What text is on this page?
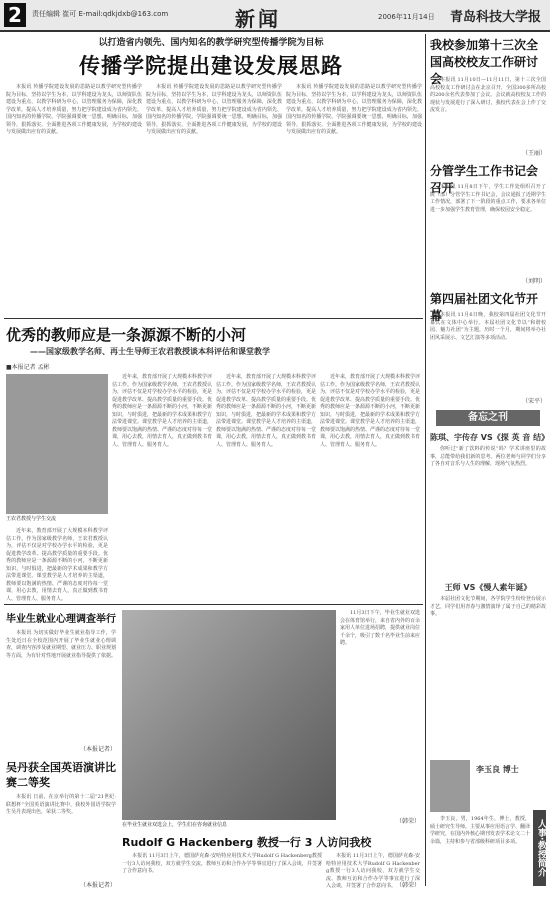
2	责任编辑 崔可 E-mail:qdkjdxb@163.com	新闻	2006年11月14日 青岛科技大学报
以打造省内领先、国内知名的教学研究型传播学院为目标
传播学院提出建设发展思路
本报讯 传播学院建设发展的思路是以教学研究型传播学院为目标，坚持以学生为本，以学科建设为龙头，以师资队伍建设为重点，以教学科研为中心，以管理服务为保障，深化教学改革，提高人才培养质量，努力把学院建设成为省内领先、国内知名的传播学院。学院强调要统一思想，明确目标，加强领导，狠抓落实，全面推进各项工作健康发展，为学校的建设与发展做出应有的贡献。
本报讯 传播学院建设发展的思路是以教学研究型传播学院为目标，坚持以学生为本，以学科建设为龙头，以师资队伍建设为重点，以教学科研为中心，以管理服务为保障，深化教学改革，提高人才培养质量，努力把学院建设成为省内领先、国内知名的传播学院。学院强调要统一思想，明确目标，加强领导，狠抓落实，全面推进各项工作健康发展，为学校的建设与发展做出应有的贡献。
本报讯 传播学院建设发展的思路是以教学研究型传播学院为目标，坚持以学生为本，以学科建设为龙头，以师资队伍建设为重点，以教学科研为中心，以管理服务为保障，深化教学改革，提高人才培养质量，努力把学院建设成为省内领先、国内知名的传播学院。学院强调要统一思想，明确目标，加强领导，狠抓落实，全面推进各项工作健康发展，为学校的建设与发展做出应有的贡献。
我校参加第十三次全国高校校友工作研讨会
本报讯 11月10日—11月11日，第十三次全国高校校友工作研讨会在北京召开，全国300多所高校的200余名代表参加了会议。会议就高校校友工作的现状与发展进行了深入研讨，我校代表在会上作了交流发言。
（王丽）
分管学生工作书记会召开
本报讯 11月8日下午，学生工作处组织召开了院（部）分管学生工作书记会，会议通报了近期学生工作情况，部署了下一阶段的重点工作，要求各单位进一步加强学生教育管理，确保校园安全稳定。
（刘明）
第四届社团文化节开幕
本报讯 11月6日晚，我校第四届社团文化节开幕式在文体中心举行。本届社团文化节以“和谐校园、魅力社团”为主题，历时一个月，期间将举办社团风采展示、文艺汇演等多项活动。
（宋平）
备忘之刊
陈琪、宇传存 VS《探 英 音 结》
你听过“新了饮料的传说”吗？学术讲座里的故事，总能带给我们新的思考。两位老师与同学们分享了各自对音乐与人生的理解，现场气氛热烈。
王师 VS《慢人素年诞》
本届社团文化节期间，各学院学生纷纷登台展示才艺，同学们用青春与激情演绎了属于自己的精彩故事。
李玉良 博士
李玉良，男，1964年生，博士，教授，硕士研究生导师。主要从事应用语言学、翻译学研究，在国内外核心期刊发表学术论文二十余篇，主持和参与省部级科研项目多项。	人事·教授简介
优秀的教师应是一条源源不断的小河
——国家级教学名师、再士生导师王农君教授谈本科评估和课堂教学
■本报记者 孟彬
王农君教授与学生交流
近年来，教育部开展了大规模本科教学评估工作。作为国家级教学名师，王农君教授认为，评估不仅是对学校办学水平的检验，更是促进教学改革、提高教学质量的重要手段。优秀的教师应是一条源源不断的小河，不断更新知识，与时俱进，把最新的学术成果和教学方法带进课堂。课堂教学是人才培养的主渠道，教师要以饱满的热情、严谨的态度对待每一堂课，用心去教，用情去育人，真正做到教书育人、管理育人、服务育人。
近年来，教育部开展了大规模本科教学评估工作。作为国家级教学名师，王农君教授认为，评估不仅是对学校办学水平的检验，更是促进教学改革、提高教学质量的重要手段。优秀的教师应是一条源源不断的小河，不断更新知识，与时俱进，把最新的学术成果和教学方法带进课堂。课堂教学是人才培养的主渠道，教师要以饱满的热情、严谨的态度对待每一堂课，用心去教，用情去育人，真正做到教书育人、管理育人、服务育人。
近年来，教育部开展了大规模本科教学评估工作。作为国家级教学名师，王农君教授认为，评估不仅是对学校办学水平的检验，更是促进教学改革、提高教学质量的重要手段。优秀的教师应是一条源源不断的小河，不断更新知识，与时俱进，把最新的学术成果和教学方法带进课堂。课堂教学是人才培养的主渠道，教师要以饱满的热情、严谨的态度对待每一堂课，用心去教，用情去育人，真正做到教书育人、管理育人、服务育人。
近年来，教育部开展了大规模本科教学评估工作。作为国家级教学名师，王农君教授认为，评估不仅是对学校办学水平的检验，更是促进教学改革、提高教学质量的重要手段。优秀的教师应是一条源源不断的小河，不断更新知识，与时俱进，把最新的学术成果和教学方法带进课堂。课堂教学是人才培养的主渠道，教师要以饱满的热情、严谨的态度对待每一堂课，用心去教，用情去育人，真正做到教书育人、管理育人、服务育人。
毕业生就业心理调查举行
本报讯 为切实做好毕业生就业指导工作，学生处近日在全校范围内开展了毕业生就业心理调查，调查内容涉及就业期望、就业压力、职业规划等方面，为有针对性地开展就业指导提供了依据。
（本报记者）
吴丹获全国英语演讲比赛二等奖
本报讯 日前，在京举行的第十二届“21世纪·联想杯”全国英语演讲比赛中，我校外国语学院学生吴丹表现出色，荣获二等奖。
（本报记者）
在毕业生就业双选会上，学生们在咨询就业信息
11月3日下午，毕业生就业双选会在体育馆举行，来自省内外的百余家用人单位进场招聘，提供就业岗位千余个，吸引了数千名毕业生前来应聘。
（韩荣）
Rudolf G Hackenberg 教授一行 3 人访问我校
本报讯 11月3日上午，德国萨克森-安哈特应用技术大学Rudolf G Hackenberg教授一行3人访问我校，双方就学生交流、教师互访和合作办学等事宜进行了深入会谈，并签署了合作意向书。
本报讯 11月3日上午，德国萨克森-安哈特应用技术大学Rudolf G Hackenberg教授一行3人访问我校，双方就学生交流、教师互访和合作办学等事宜进行了深入会谈，并签署了合作意向书。 （韩荣）
